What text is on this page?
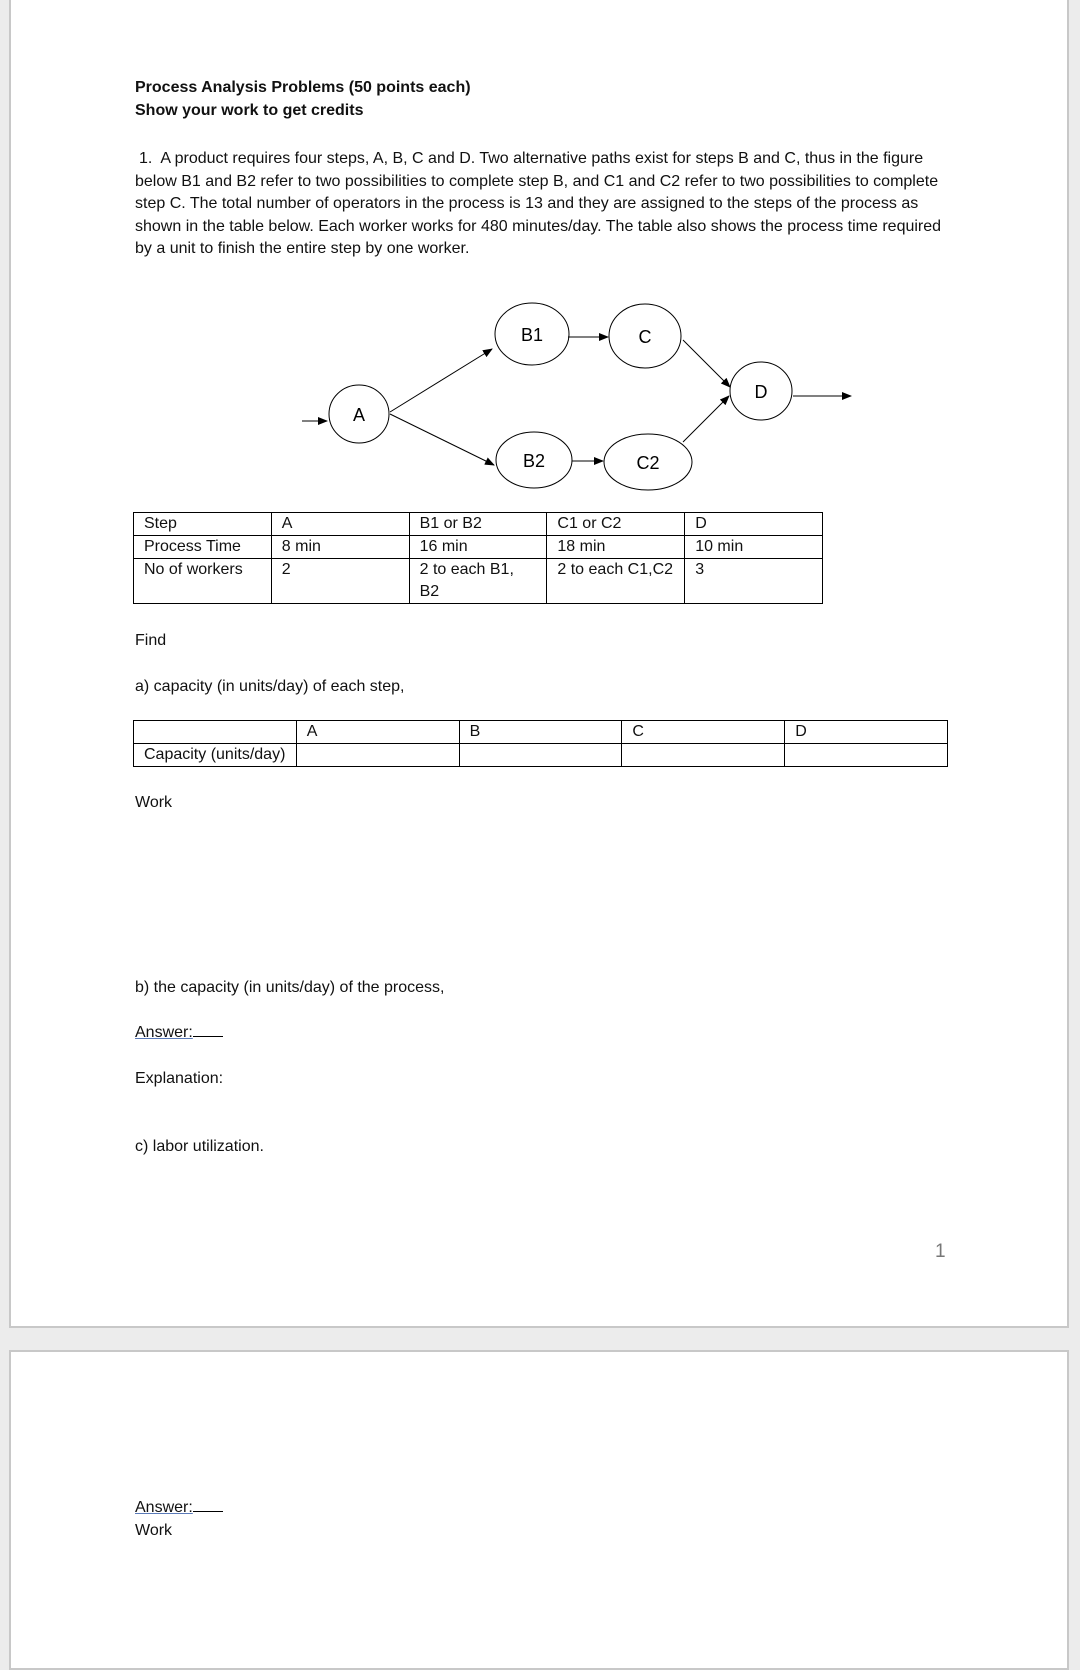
Process Analysis Problems (50 points each)
Show your work to get credits
1. A product requires four steps, A, B, C and D. Two alternative paths exist for steps B and C, thus in the figure below B1 and B2 refer to two possibilities to complete step B, and C1 and C2 refer to two possibilities to complete step C. The total number of operators in the process is 13 and they are assigned to the steps of the process as shown in the table below. Each worker works for 480 minutes/day. The table also shows the process time required by a unit to finish the entire step by one worker.
A
B1
B2
C
C2
D
Step	A	B1 or B2	C1 or C2	D
Process Time	8 min	16 min	18 min	10 min
No of workers	2	2 to each B1, B2	2 to each C1,C2	3
Find
a) capacity (in units/day) of each step,
	A	B	C	D
Capacity (units/day)				
Work
b) the capacity (in units/day) of the process,
Answer:
Explanation:
c) labor utilization.
1
Answer:
Work
